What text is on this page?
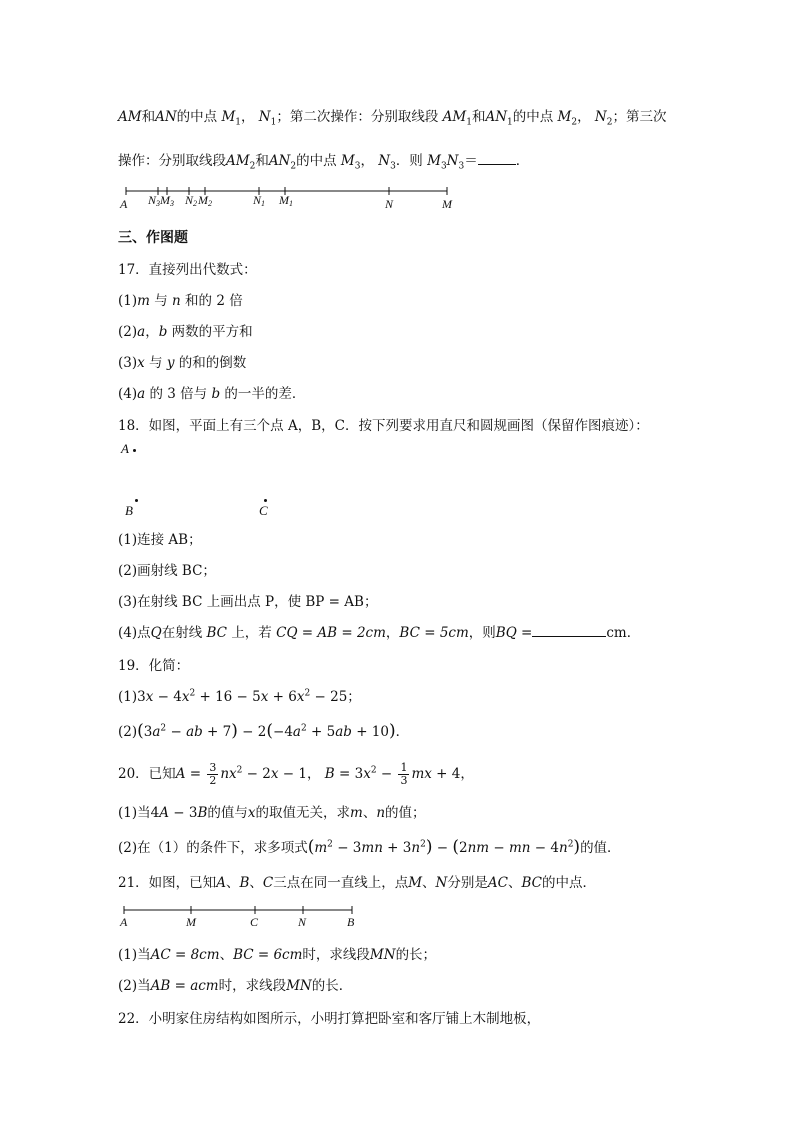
AM和AN的中点 $M_1$， $N_1$；第二次操作：分别取线段 $AM_1$和$AN_1$的中点 $M_2$， $N_2$；第三次
操作：分别取线段$AM_2$和$AN_2$的中点 $M_3$， $N_3$．则 $M_3N_3=$	．
A N3 M3 N2 M2	N1 M1	N	M
三、作图题
17．直接列出代数式：
(1)m 与 n 和的 2 倍
(2)a，b 两数的平方和
(3)x 与 y 的和的倒数
(4)a 的 3 倍与 b 的一半的差．
18．如图，平面上有三个点 A，B，C．按下列要求用直尺和圆规画图（保留作图痕迹）：
A
B	C
(1)连接 AB；
(2)画射线 BC；
(3)在射线 BC 上画出点 P，使 BP = AB；
(4)点Q在射线 BC 上，若 CQ = AB = 2cm，BC = 5cm，则BQ =	cm．
19．化简：
$(1)3x - 4x^2 + 16 - 5x + 6x^2 - 25$；
$(2)(3a^2$ − ab + $7) - 2(-4a^2 + 5ab + 10)$．
20．已知$A = \frac{3}{2} nx^2 - 2x - 1$， $B = 3x^2 - \frac{1}{3}$ mx + 4，
(1)当4A − 3B的值与x的取值无关，求m、n的值；
(2)在（1）的条件下，求多项式$(m^2 - 3mn + 3n^2) - (2nm$ − mn − $4n^2$)的值．
21．如图，已知A、B、C三点在同一直线上，点M、N分别是AC、BC的中点．
A	M	C	N	B
(1)当AC = 8cm、BC = 6cm时，求线段MN的长；
(2)当AB = acm时，求线段MN的长．
22．小明家住房结构如图所示，小明打算把卧室和客厅铺上木制地板，
